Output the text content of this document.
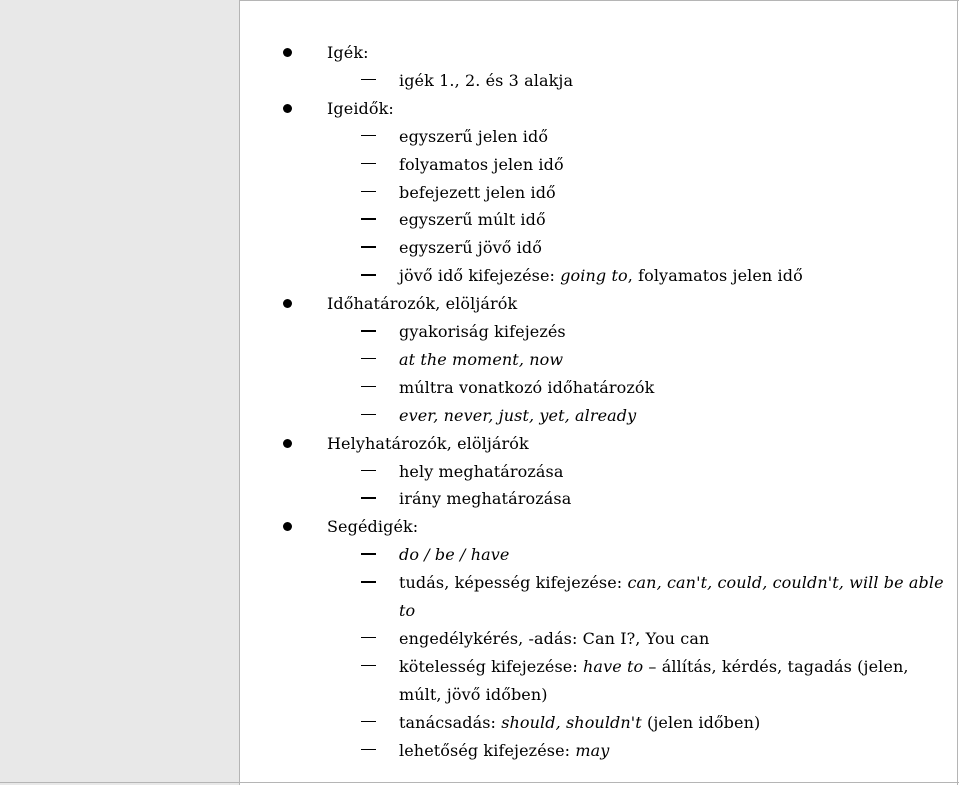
Igék:
igék 1., 2. és 3 alakja
Igeidők:
egyszerű jelen idő
folyamatos jelen idő
befejezett jelen idő
egyszerű múlt idő
egyszerű jövő idő
jövő idő kifejezése: going to, folyamatos jelen idő
Időhatározók, elöljárók
gyakoriság kifejezés
at the moment, now
múltra vonatkozó időhatározók
ever, never, just, yet, already
Helyhatározók, elöljárók
hely meghatározása
irány meghatározása
Segédigék:
do / be / have
tudás, képesség kifejezése: can, can't, could, couldn't, will be able to
engedélykérés, -adás: Can I?, You can
kötelesség kifejezése: have to – állítás, kérdés, tagadás (jelen, múlt, jövő időben)
tanácsadás: should, shouldn't (jelen időben)
lehetőség kifejezése: may
